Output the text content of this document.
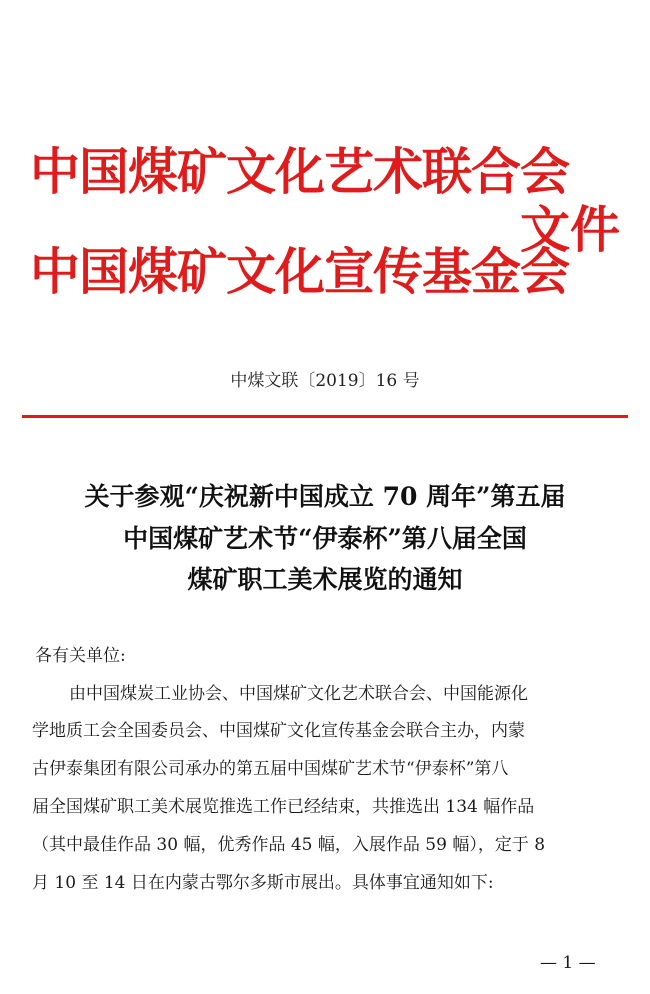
中国煤矿文化艺术联合会
中国煤矿文化宣传基金会
文件
中煤文联〔2019〕16 号
关于参观“庆祝新中国成立 70 周年”第五届
中国煤矿艺术节“伊泰杯”第八届全国
煤矿职工美术展览的通知
各有关单位:
由中国煤炭工业协会、中国煤矿文化艺术联合会、中国能源化
学地质工会全国委员会、中国煤矿文化宣传基金会联合主办，内蒙
古伊泰集团有限公司承办的第五届中国煤矿艺术节“伊泰杯”第八
届全国煤矿职工美术展览推选工作已经结束，共推选出 134 幅作品
（其中最佳作品 30 幅，优秀作品 45 幅，入展作品 59 幅），定于 8
月 10 至 14 日在内蒙古鄂尔多斯市展出。具体事宜通知如下:
— 1 —
